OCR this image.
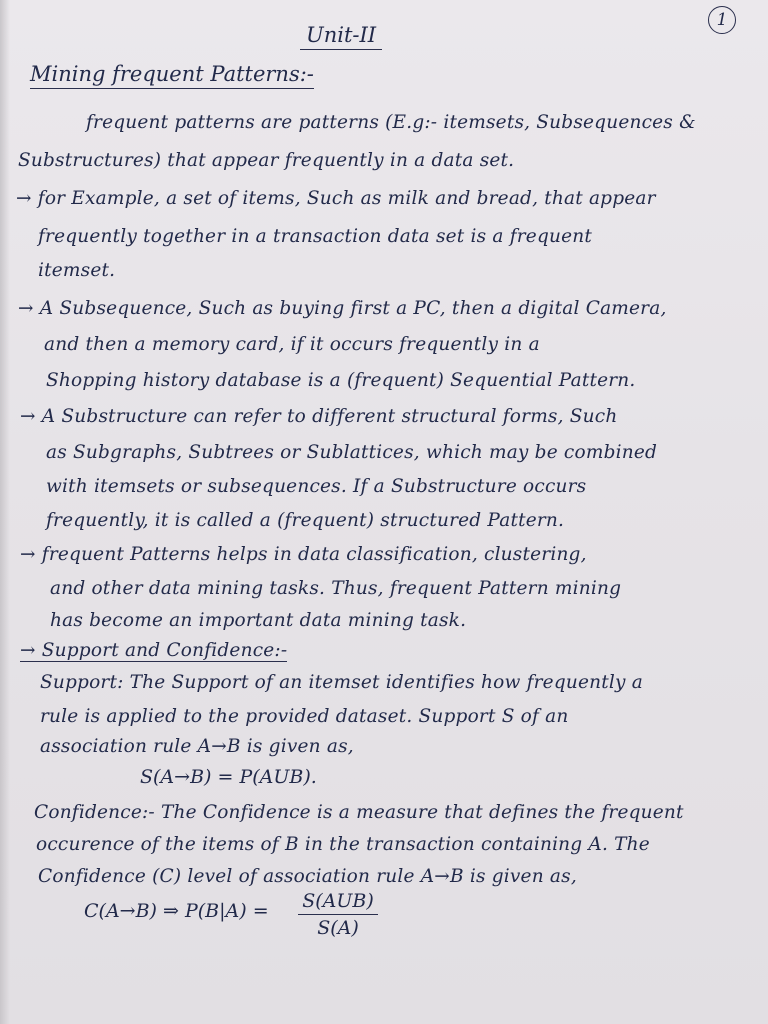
1
Unit-II
Mining frequent Patterns:-
frequent patterns are patterns (E.g:- itemsets, Subsequences &
Substructures) that appear frequently in a data set.
→ for Example, a set of items, Such as milk and bread, that appear
frequently together in a transaction data set is a frequent
itemset.
→ A Subsequence, Such as buying first a PC, then a digital Camera,
and then a memory card, if it occurs frequently in a
Shopping history database is a (frequent) Sequential Pattern.
→ A Substructure can refer to different structural forms, Such
as Subgraphs, Subtrees or Sublattices, which may be combined
with itemsets or subsequences. If a Substructure occurs
frequently, it is called a (frequent) structured Pattern.
→ frequent Patterns helps in data classification, clustering,
and other data mining tasks. Thus, frequent Pattern mining
has become an important data mining task.
→ Support and Confidence:-
Support: The Support of an itemset identifies how frequently a
rule is applied to the provided dataset. Support S of an
association rule A→B is given as,
S(A→B) = P(AUB).
Confidence:- The Confidence is a measure that defines the frequent
occurence of the items of B in the transaction containing A. The
Confidence (C) level of association rule A→B is given as,
C(A→B) ⇒ P(B|A) = S(AUB)
S(A)
